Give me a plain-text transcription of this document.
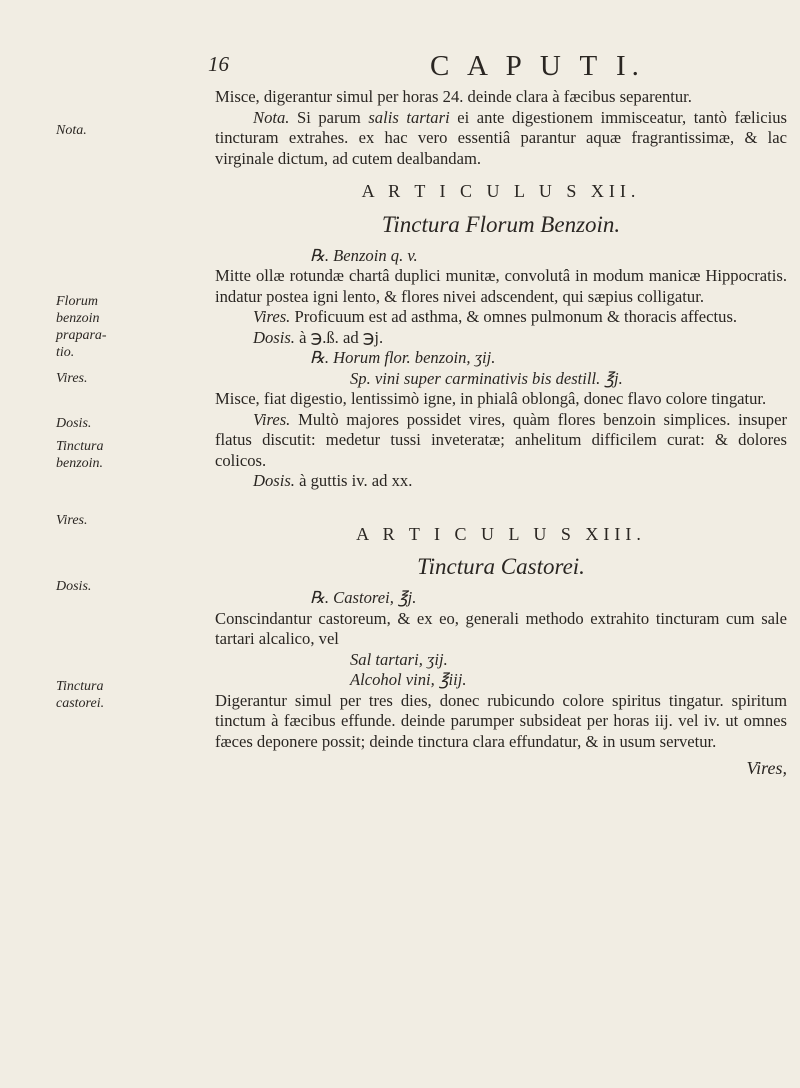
16	C A P U T I.
Nota.
Florum
benzoin
prapara-
tio.
Vires.
Dosis.
Tinctura
benzoin.
Vires.
Dosis.
Tinctura
castorei.

Misce, digerantur simul per horas 24. deinde clara à fæcibus separentur.

Nota. Si parum salis tartari ei ante digestionem immisceatur, tantò fælicius tincturam extrahes. ex hac vero essentiâ parantur aquæ fragrantissimæ, & lac virginale dictum, ad cutem dealbandam.

A R T I C U L U S XII.
Tinctura Florum Benzoin.

℞. Benzoin q. v.

Mitte ollæ rotundæ chartâ duplici munitæ, convolutâ in modum manicæ Hippocratis. indatur postea igni lento, & flores nivei adscendent, qui sæpius colligatur.

Vires. Proficuum est ad asthma, & omnes pulmonum & thoracis affectus.

Dosis. à ℈.ß. ad ℈j.

℞. Horum flor. benzoin, ʒij.

Sp. vini super carminativis bis destill. ℥j.

Misce, fiat digestio, lentissimò igne, in phialâ oblongâ, donec flavo colore tingatur.

Vires. Multò majores possidet vires, quàm flores benzoin simplices. insuper flatus discutit: medetur tussi inveteratæ; anhelitum difficilem curat: & dolores colicos.

Dosis. à guttis iv. ad xx.

A R T I C U L U S XIII.
Tinctura Castorei.

℞. Castorei, ℥j.

Conscindantur castoreum, & ex eo, generali methodo extrahito tincturam cum sale tartari alcalico, vel

Sal tartari, ʒij.

Alcohol vini, ℥iij.

Digerantur simul per tres dies, donec rubicundo colore spiritus tingatur. spiritum tinctum à fæcibus effunde. deinde parumper subsideat per horas iij. vel iv. ut omnes fæces deponere possit; deinde tinctura clara effundatur, & in usum servetur.

Vires,
